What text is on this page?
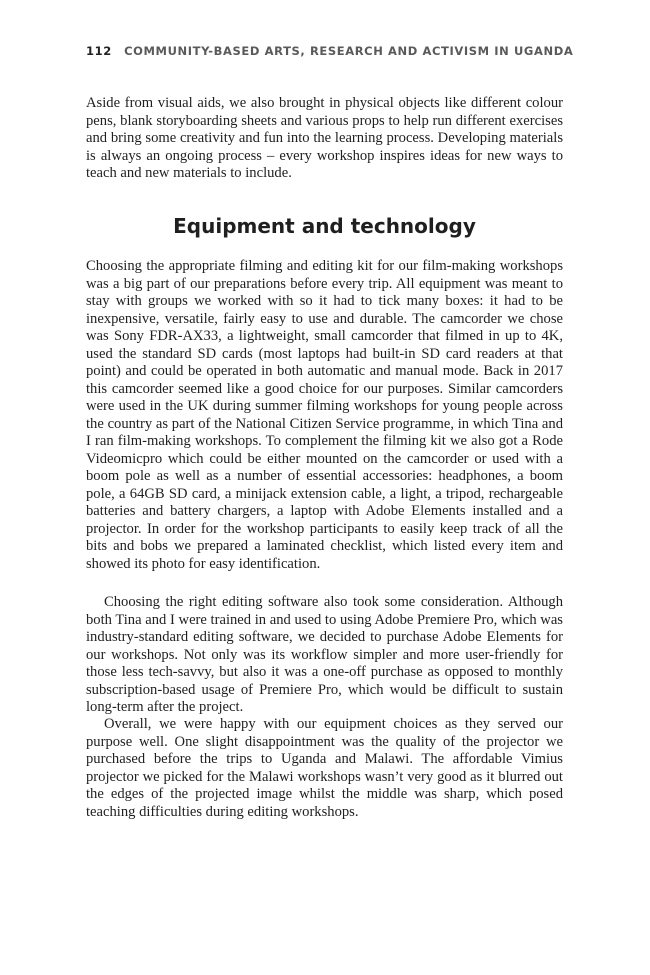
112 COMMUNITY-BASED ARTS, RESEARCH AND ACTIVISM IN UGANDA

Aside from visual aids, we also brought in physical objects like different colour pens, blank storyboarding sheets and various props to help run different exercises and bring some creativity and fun into the learning process. Developing materials is always an ongoing process – every workshop inspires ideas for new ways to teach and new materials to include.

Equipment and technology

Choosing the appropriate filming and editing kit for our film-making workshops was a big part of our preparations before every trip. All equipment was meant to stay with groups we worked with so it had to tick many boxes: it had to be inexpensive, versatile, fairly easy to use and durable. The camcorder we chose was Sony FDR-AX33, a lightweight, small camcorder that filmed in up to 4K, used the standard SD cards (most laptops had built-in SD card readers at that point) and could be operated in both automatic and manual mode. Back in 2017 this camcorder seemed like a good choice for our purposes. Similar camcorders were used in the UK during summer filming workshops for young people across the country as part of the National Citizen Service programme, in which Tina and I ran film-making workshops. To complement the filming kit we also got a Rode Videomicpro which could be either mounted on the camcorder or used with a boom pole as well as a number of essential accessories: headphones, a boom pole, a 64GB SD card, a minijack extension cable, a light, a tripod, rechargeable batteries and battery chargers, a laptop with Adobe Elements installed and a projector. In order for the workshop participants to easily keep track of all the bits and bobs we prepared a laminated checklist, which listed every item and showed its photo for easy identification.

Choosing the right editing software also took some consideration. Although both Tina and I were trained in and used to using Adobe Premiere Pro, which was industry-standard editing software, we decided to purchase Adobe Elements for our workshops. Not only was its workflow simpler and more user-friendly for those less tech-savvy, but also it was a one-off purchase as opposed to monthly subscription-based usage of Premiere Pro, which would be difficult to sustain long-term after the project.

Overall, we were happy with our equipment choices as they served our purpose well. One slight disappointment was the quality of the projector we purchased before the trips to Uganda and Malawi. The affordable Vimius projector we picked for the Malawi workshops wasn’t very good as it blurred out the edges of the projected image whilst the middle was sharp, which posed teaching difficulties during editing workshops.
